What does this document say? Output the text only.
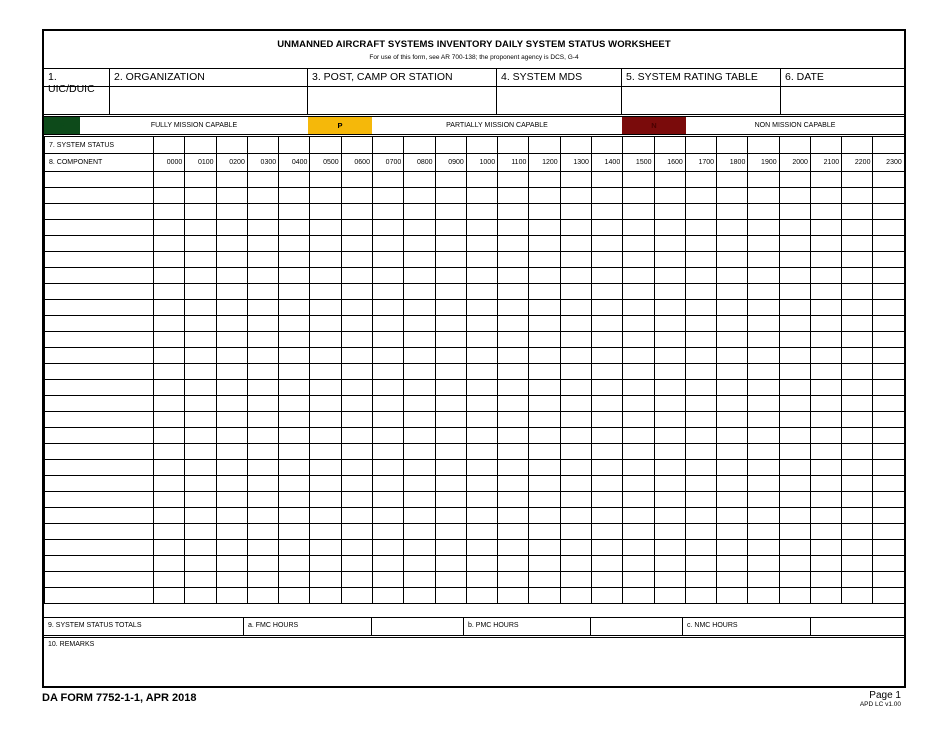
UNMANNED AIRCRAFT SYSTEMS INVENTORY DAILY SYSTEM STATUS WORKSHEET
For use of this form, see AR 700-138; the proponent agency is DCS, G-4
1. UIC/DUIC
2. ORGANIZATION	3. POST, CAMP OR STATION	4. SYSTEM MDS	5. SYSTEM RATING TABLE	6. DATE
F	FULLY MISSION CAPABLE	P	PARTIALLY MISSION CAPABLE	N	NON MISSION CAPABLE
7. SYSTEM STATUS																								
8. COMPONENT	0000	0100	0200	0300	0400	0500	0600	0700	0800	0900	1000	1100	1200	1300	1400	1500	1600	1700	1800	1900	2000	2100	2200	2300

9. SYSTEM STATUS TOTALS	a. FMC HOURS	b. PMC HOURS	c. NMC HOURS
10. REMARKS
DA FORM 7752-1-1, APR 2018	Page 1
APD LC v1.00
